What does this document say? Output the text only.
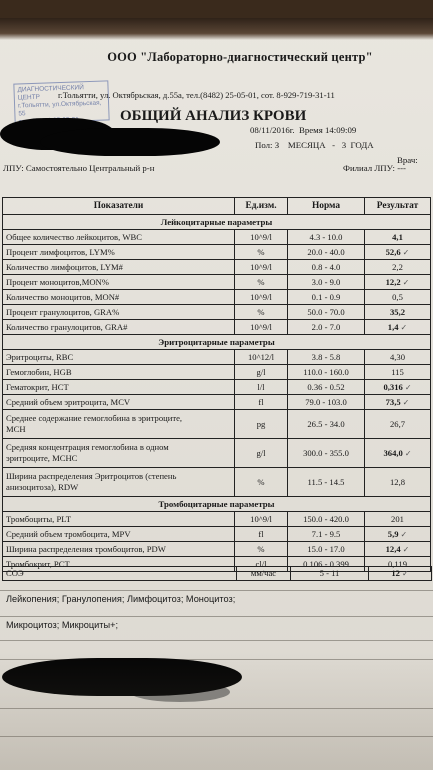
ООО "Лабораторно-диагностический центр"
ДИАГНОСТИЧЕСКИЙ ЦЕНТР
г.Тольятти, ул.Октябрьская, 55
г.Тольятти, ул. Октябрьская, д.55а, тел.(8482) 25-05-01, сот. 8-929-719-31-11
ОБЩИЙ АНАЛИЗ КРОВИ
08/11/2016г. Время 14:09:09
Пол: З МЕСЯЦА - 3 ГОДА
Врач:
ЛПУ: Самостоятельно Центральный р-н	Филиал ЛПУ: ---
Показатели	Ед.изм.	Норма	Результат
Лейкоцитарные параметры			
Общее количество лейкоцитов, WBC	10^9/l	4.3 - 10.0	4,1
Процент лимфоцитов, LYM%	%	20.0 - 40.0	52,6 ✓
Количество лимфоцитов, LYM#	10^9/l	0.8 - 4.0	2,2
Процент моноцитов,MON%	%	3.0 - 9.0	12,2 ✓
Количество моноцитов, MON#	10^9/l	0.1 - 0.9	0,5
Процент гранулоцитов, GRA%	%	50.0 - 70.0	35,2
Количество гранулоцитов, GRA#	10^9/l	2.0 - 7.0	1,4 ✓
Эритроцитарные параметры			
Эритроциты, RBC	10^12/l	3.8 - 5.8	4,30
Гемоглобин, HGB	g/l	110.0 - 160.0	115
Гематокрит, HCT	l/l	0.36 - 0.52	0,316 ✓
Средний объем эритроцита, MCV	fl	79.0 - 103.0	73,5 ✓

Среднее содержание гемоглобина в эритроците,
MCH	pg	26.5 - 34.0	26,7

Средняя концентрация гемоглобина в одном
эритроците, MCHC	g/l	300.0 - 355.0	364,0 ✓

Ширина распределения Эритроцитов (степень
анизоцитоза), RDW	%	11.5 - 14.5	12,8
Тромбоцитарные параметры			
Тромбоциты, PLT	10^9/l	150.0 - 420.0	201
Средний объем тромбоцита, MPV	fl	7.1 - 9.5	5,9 ✓
Ширина распределения тромбоцитов, PDW	%	15.0 - 17.0	12,4 ✓
Тромбокрит, PCT	cl/l	0.106 - 0.399	0,119
СОЭ	мм/час	5 - 11	12 ✓
Лейкопения; Гранулопения; Лимфоцитоз; Моноцитоз;
Микроцитоз; Микроциты+;
